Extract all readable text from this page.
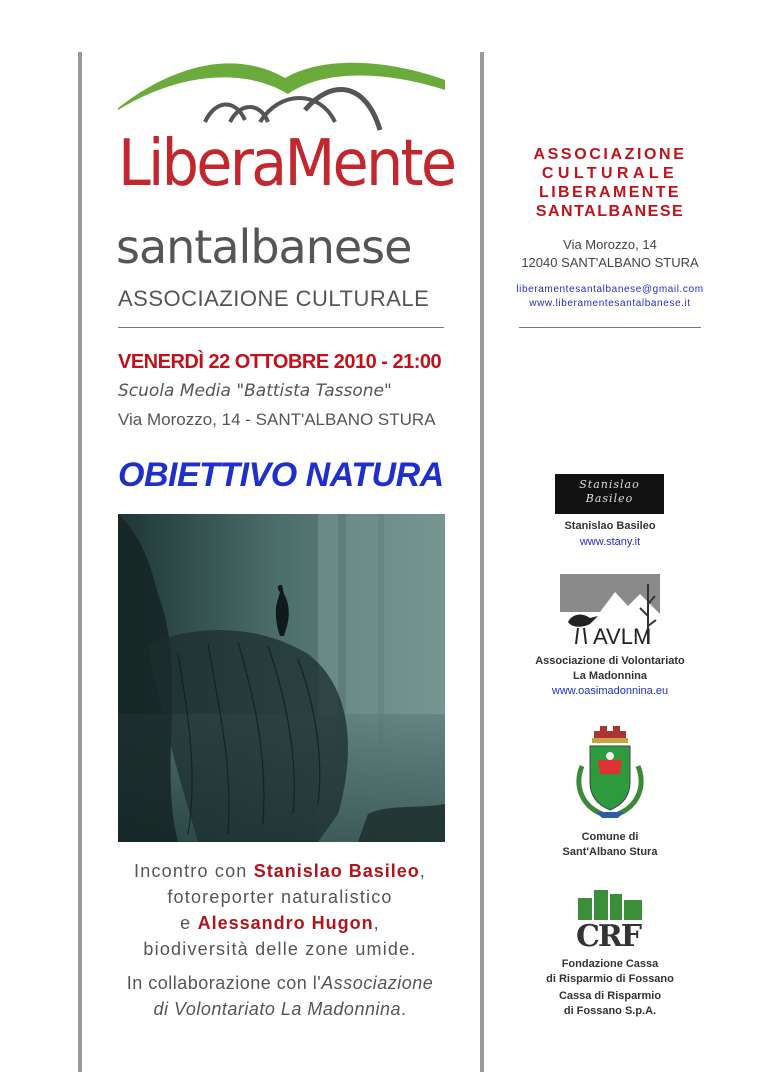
LiberaMente
santalbanese
ASSOCIAZIONE CULTURALE
VENERDÌ 22 OTTOBRE 2010 - 21:00
Scuola Media "Battista Tassone"
Via Morozzo, 14 - SANT'ALBANO STURA
OBIETTIVO NATURA

Incontro con Stanislao Basileo,

fotoreporter naturalistico

e Alessandro Hugon,

biodiversità delle zone umide.

In collaborazione con l'Associazione

di Volontariato La Madonnina.

ASSOCIAZIONE
CULTURALE
LIBERAMENTE
SANTALBANESE
Via Morozzo, 14
12040 SANT'ALBANO STURA
liberamentesantalbanese@gmail.com
www.liberamentesantalbanese.it
Stanislao
Basileo
Stanislao Basileo
www.stany.it
AVLM
Associazione di Volontariato
La Madonnina
www.oasimadonnina.eu
Comune di
Sant'Albano Stura
CRF
Fondazione Cassa
di Risparmio di Fossano
Cassa di Risparmio
di Fossano S.p.A.
